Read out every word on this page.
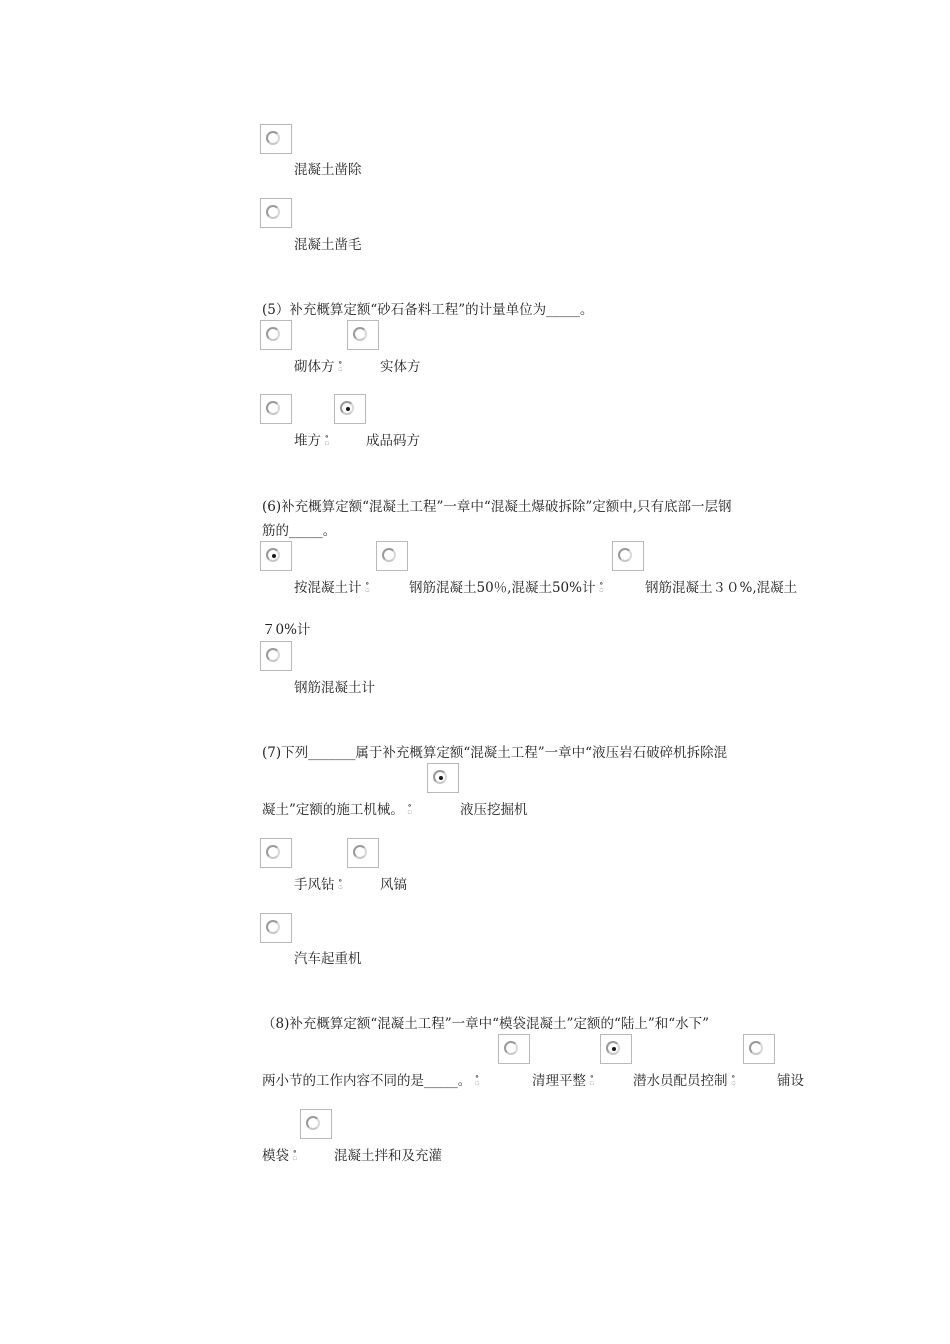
混凝土凿除
混凝土凿毛
(5）补充概算定额“砂石备料工程”的计量单位为_____。
砌体方 ఄ	实体方
堆方 ఄ	成品码方
(6)补充概算定额“混凝土工程”一章中“混凝土爆破拆除”定额中,只有底部一层钢
筋的_____。
按混凝土计 ఄ	钢筋混凝土50％,混凝土50%计 ఄ	钢筋混凝土３０%,混凝土
７0%计
钢筋混凝土计
(7)下列_______属于补充概算定额“混凝土工程”一章中“液压岩石破碎机拆除混
凝土”定额的施工机械。 ఄ	液压挖掘机
手风钻 ఄ	风镐
汽车起重机
（8)补充概算定额“混凝土工程”一章中“模袋混凝土”定额的“陆上”和“水下”
两小节的工作内容不同的是_____。 ఄ	清理平整 ఄ	潜水员配员控制 ఄ	铺设
模袋 ఄ	混凝土拌和及充灌
